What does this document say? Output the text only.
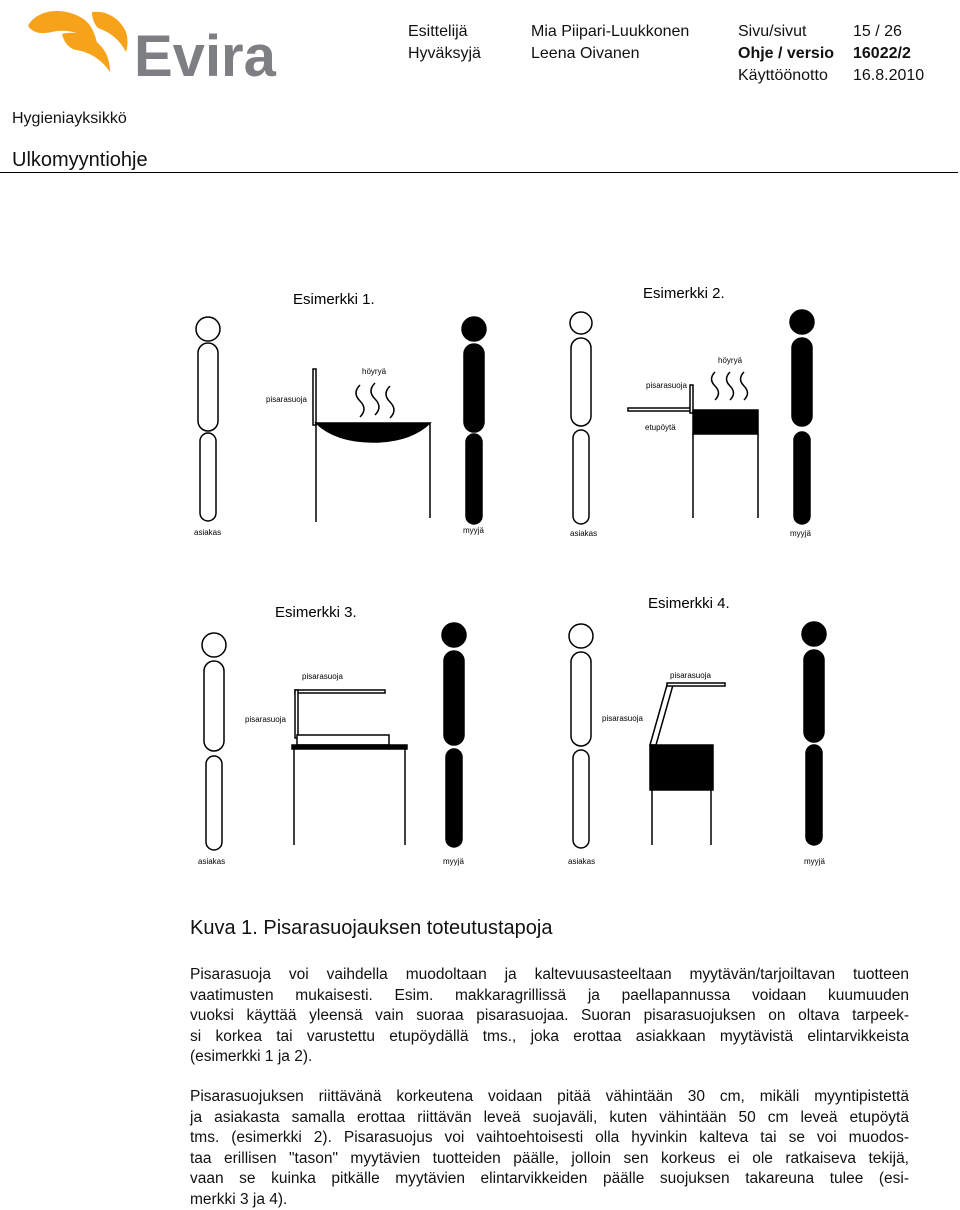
Evira	Esittelijä	Mia Piipari-Luukkonen	Sivu/sivut	15 / 26
Hyväksyjä	Leena Oivanen	Ohje / versio 16022/2
Käyttöönotto 16.8.2010
Hygieniayksikkö
Ulkomyyntiohje
Esimerkki 1.	Esimerkki 2.
Esimerkki 3.
Esimerkki 4.
pisarasuoja
höyryä
asiakas	myyjä
pisarasuoja
höyryä
etupöytä
asiakas	myyjä
pisarasuoja
pisarasuoja
asiakas	myyjä
pisarasuoja
pisarasuoja
asiakas	myyjä
Kuva 1. Pisarasuojauksen toteutustapoja
Pisarasuoja voi vaihdella muodoltaan ja kaltevuusasteeltaan myytävän/tarjoiltavan tuotteen
vaatimusten mukaisesti. Esim. makkaragrillissä ja paellapannussa voidaan kuumuuden
vuoksi käyttää yleensä vain suoraa pisarasuojaa. Suoran pisarasuojuksen on oltava tarpeek-
si korkea tai varustettu etupöydällä tms., joka erottaa asiakkaan myytävistä elintarvikkeista
(esimerkki 1 ja 2).
Pisarasuojuksen riittävänä korkeutena voidaan pitää vähintään 30 cm, mikäli myyntipistettä
ja asiakasta samalla erottaa riittävän leveä suojaväli, kuten vähintään 50 cm leveä etupöytä
tms. (esimerkki 2). Pisarasuojus voi vaihtoehtoisesti olla hyvinkin kalteva tai se voi muodos-
taa erillisen "tason" myytävien tuotteiden päälle, jolloin sen korkeus ei ole ratkaiseva tekijä,
vaan se kuinka pitkälle myytävien elintarvikkeiden päälle suojuksen takareuna tulee (esi-
merkki 3 ja 4).
